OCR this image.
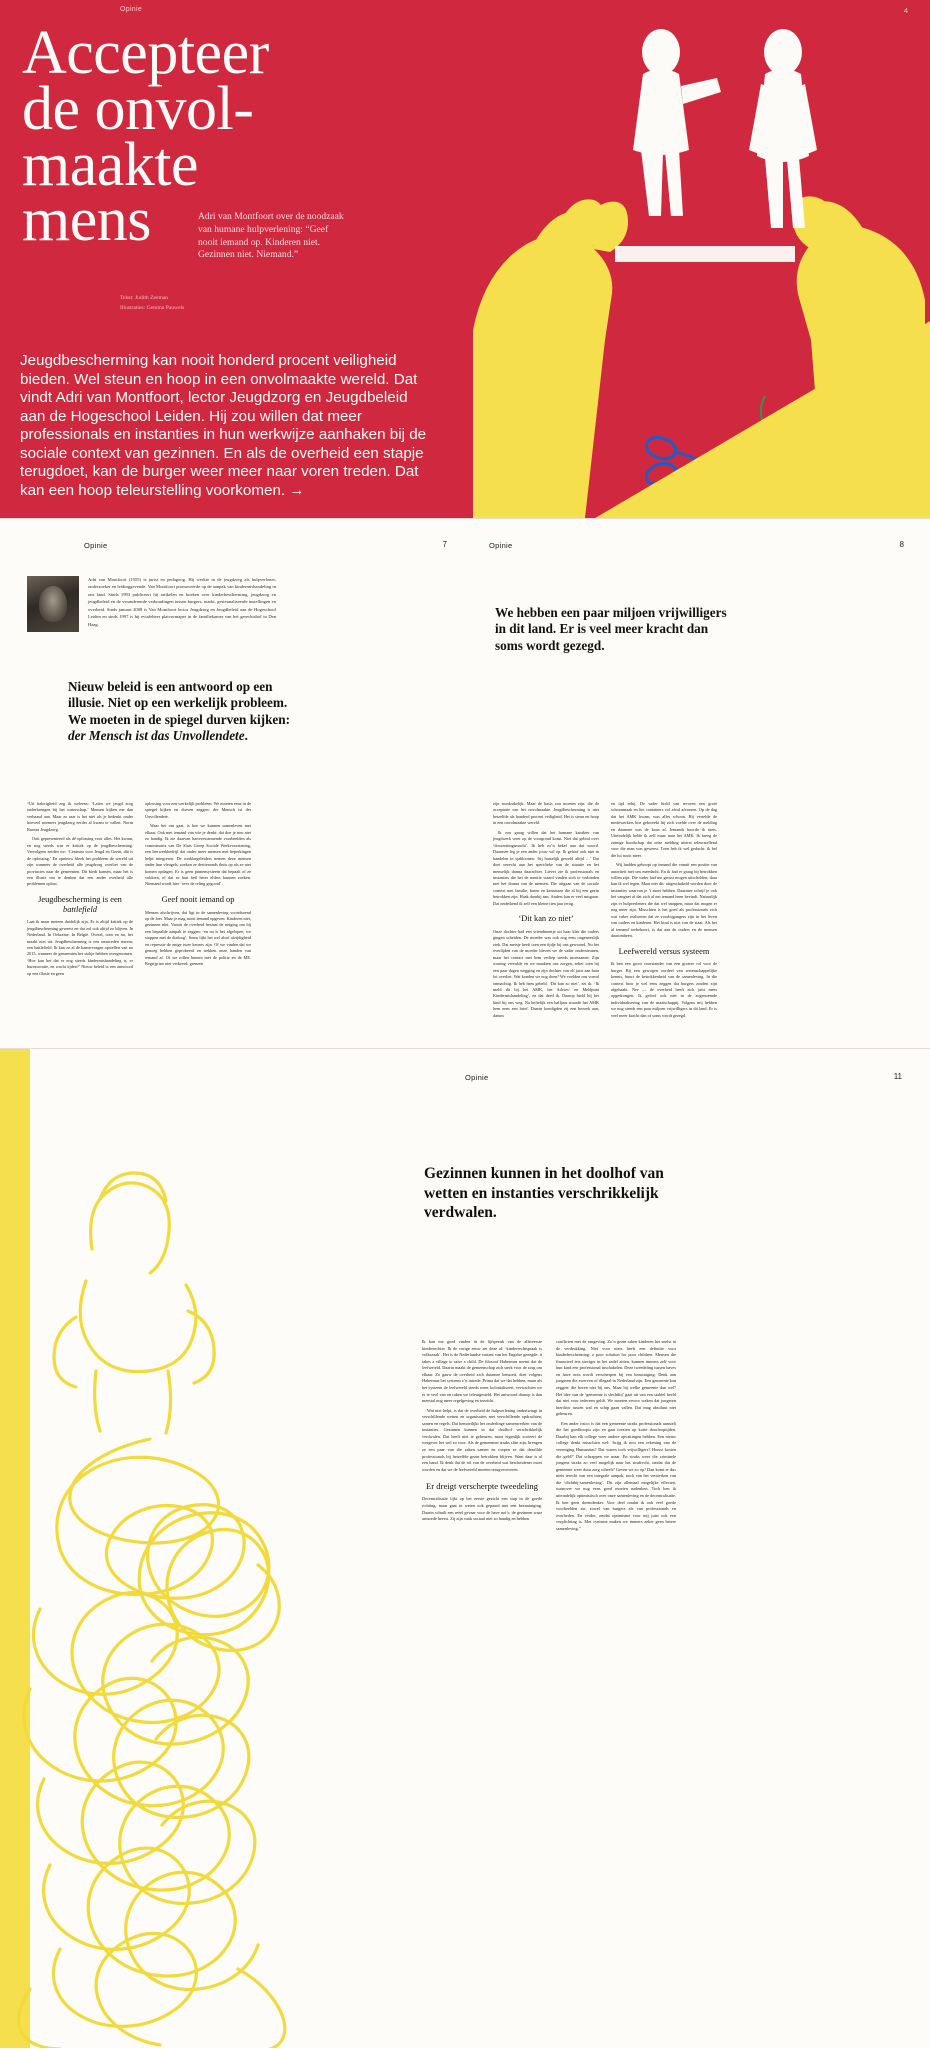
Opinie
Accepteer
de onvol-
maakte
mens	Adri van Montfoort over de noodzaak van humane hulpverlening: “Geef nooit iemand op. Kinderen niet. Gezinnen niet. Niemand.”

Tekst: Judith Zeeman
Illustraties: Gemma Pauwels

Jeugdbescherming kan nooit honderd procent veiligheid bieden. Wel steun en hoop in een onvolmaakte wereld. Dat vindt Adri van Montfoort, lector Jeugdzorg en Jeugdbeleid aan de Hogeschool Leiden. Hij zou willen dat meer professionals en instanties in hun werkwijze aanhaken bij de sociale context van gezinnen. En als de overheid een stapje terugdoet, kan de burger weer meer naar voren treden. Dat kan een hoop teleurstelling voorkomen. →

4
Opinie	7

Adri van Montfoort (1955) is jurist en pedagoog. Hij werkte in de jeugdzorg als hulpverlener, onderzoeker en leidinggevende. Van Montfoort promoveerde op de aanpak van kindermishandeling in ons land. Sinds 1993 publiceert hij artikelen en boeken over kinderbescherming, jeugdzorg en jeugdbeleid en de veranderende verhoudingen tussen burgers, markt, gesteunaliseerde instellingen en overheid. Sinds januari 2008 is Van Montfoort lector Jeugdzorg en Jeugdbeleid aan de Hogeschool Leiden en sinds 1997 is hij eviafeheer platvormaper in de familiekamer van het gerechtshof in Den Haag.

Nieuw beleid is een antwoord op een illusie. Niet op een werkelijk probleem. We moeten in de spiegel durven kijken: der Mensch ist das Unvollendete.

“Uit balorigheid zeg ik weleens: ‘Laten we jeugd zorg onderbrengen bij het waterschap.’ Mensen kijken me dan verbaasd aan. Maar zo raar is het niet als je bedenkt onder hoeveel noemers jeugdzorg eerder al kwam te vallen. Norm Bureau Jeugdzorg.

Ooit gepresenteerd als dé oplossing voor alles. Het kwam, en nog steeds was er kritiek op de jeugdbescherming. Vervolgens zeiden we: ‘Centrum voor Jeugd en Gezin, dát is de oplossing.’ En opnieuw bleek het probleem de wereld uit zijn wanneer de overheid alle jeugdzorg overliet van de provincies naar de gemeenten. Dit biedt kansen, maar het is een illusie om te denken dat een ander overheid alle problemen oplost.

Jeugdbescherming is een battlefield

Laat ik maar meteen duidelijk zijn. Er is altijd kritiek op de jeugdbescherming geweest en dat zal ook altijd zo blijven. In Nederland. In Oekraïne. In België. Overal, toen en nu, het maakt niet uit. Jeugdbescherming is een omstreden terrein; een battlefield. Ik kan zo al de kamervragen opstellen van nu 2015, wanneer de gemeenten het stokje hebben overgenomen. ‘Hoe kan het dat er nog steeds kindermishandeling is, er bureaucratie, en wacht tijden?’ Nieuw beleid is een antwoord op een illusie en geen

oplossing voor een werkelijk probleem. We moeten eens in de spiegel kijken en durven zeggen: der Mensch ist der Unvollendete.

Waar het om gaat, is hoe we kunnen samenleven met elkaar. Ook met iemand van wie je denkt: dat doe je nou niet zo handig. Ik zie daarvan hartverwarmende voorbeelden als commissaris van De Sluis Groep Sociale Werkvoorziening, een leerwerkbedrijf dat onder meer mensen met beperkingen helpt integreren. De werkbegeleiders nemen deze mensen onder hun vleugels, zoeken ze dertienonds thuis op als ze niet komen opdagen. Er is geen puntensysteem dat bepaalt of ze voldoen, of dat ze hun heil beter elders kunnen zoeken. Niemand wordt hier ‘over de reling gegooid’.

Geef nooit iemand op

Mensen afschrijven, dat ligt in de samenleving voortdurend op de loer. Maar je mag nooit iemand opgeven. Kinderen niet, gezinnen niet. Vanuit de overheid bestaat de neiging om bij een bepaalde aanpak te zeggen: ‘en nu is het afgelopen, we stoppen met de dialoog’. Soms lijkt het wel alsof afzijdigheid en repressie de enige twee keuzes zijn. Of we vinden dat we genoeg hebben geprobeerd en trekken onze handen van iemand af. Of we rollen binnen met de politie en de ME. Begrijp me niet verkeerd: grenzen

Opinie	8
We hebben een paar miljoen vrijwilligers in dit land. Er is veel meer kracht dan soms wordt gezegd.

zijn noodzakelijk. Maar de basis zou moeten zijn: die de acceptatie van het onvolmaakte. Jeugdbescherming is niet hetzelfde als honderd procent veiligheid. Het is steun en hoop in een onvolmaakte wereld.

Ik zou graag willen dat het humane karakter van jeugdwerk weer op de voorgrond komt. Niet dat gebral over ‘doorzettingsmacht’. Ik heb zo’n hekel aan dat woord. Daarmee leg je een ander jouw wil op. Ik geloof ook niet in handelen in sjabloonen: ‘bij huiselijk geweld altijd …’ Dat doet onrecht aan het specifieke van de situatie en het menselijk drama daarachter. Liever zie ik professionals en instanties die het de mentie waard vinden zich te verbinden met het drama van de mensen. Die uitgaan van de sociale context met familie, buren en kennissen die al bij een gezin betrokken zijn. Haak daarbij aan. Anders kan er veel misgaan. Dat onderkend ik zelf een kleine tien jaar terug.

‘Dit kan zo niet’

Onze dochter had een vriendinnetje uit haar klas die ouders gingen scheiden. De moeder was ook nog eens ongeneeslijk ziek. Dat meisje heeft toen een tijdje bij ons gewoond. Nu het overlijden van de moeder bleven we de vader ondersteunen, maar het contact met hem verliep steeds moeizamer. Zijn woning vervulde en we maakten ons zorgen, zeker toen hij een paar dagen wegging en zijn dochter van elf juist aan haar lot overliet. Wat konden we nog doen? We voelden ons voeral onmachtig. Ik heb hem gebeld. ‘Dit kan zo niet’, zei ik. ‘Ik meld dit bij het AMK, het Advies- en Meldpunt Kindermishandeling’, en dat deed ik. Daarop hield hij het kind bij ons weg. Na heftelijk een halfjaar stuurde het AMK hem eens een brief. Daarin kondigden zij een bezoek aan, datum

en tijd erbij. De vader hield van tevoren een grote schoonmaak en liet containers vol afval afvoeren. Op de dag dat het AMK kwam, was alles schoon. Hij vertelde de medewerkers hoe gekweekt hij zich voelde over de melding en daarmee was de kous af. Iemands hoorde ik niets. Uiteindelijk belde ik zelf maar naar het AMK. Ik kreeg de zuinige boodschap dat onze melding uiterst teleurstellend voor die man was geweest. Toen heb ik wel gedacht: ik bel die lui nooit meer.

Wij hadden gehoopt op iemand die vanuit een positie van autoriteit met ons meedacht. En ik had er graag bij betrokken willen zijn. Die vader had me gerust mogen uitschelden, daar kan ik wel tegen. Maar niet dit: uitgeschakeld worden door de instanties waarvan je ’t moet hebben. Daarmee schrijf je ook het vangnet af dat zich al om iemand heen bevindt. Natuurlijk zijn er hulpverleners die dat wel snappen, maar dat mogen er nog meer zijn. Misschien is het goed als professionals zich wat vaker realiseren dat ze voorbijgangers zijn in het leven van ouders en kinderen. Het kind is niet van de staat. Als het al iemand toebehoort, is dat aan de ouders en de mensen daaromheen.

Leefwereld versus systeem

Ik ben een groot voorstander van een grotere rol voor de burger. Bij een gewogen oordeel van wetenschappelijke kennis, buurt de betrokkenheid van de samenleving. In die context hoor je wel eens zeggen dat burgers zouden zijn afgehaakt. Nee — de overheid heeft zich juist meer opgedrongen. Ik geloof ook niet in de zogenoemde individualisering van de maatschappij. Volgens mij hebben we nog steeds een paar miljoen vrijwilligers in dit land. Er is veel meer kracht dan of soms wordt gezegd.

Opinie	11
Gezinnen kunnen in het doolhof van wetten en instanties verschrikkelijk verdwalen.

Ik kan me goed vinden in de lijfspreuk van de allereerste kinderrechter. Ik de vorige eeuw zei deze al: ‘kinderrechtspraak is volkszaak’. Het is de Nederlandse variant van het Engelse gezegde: it takes a village to raise a child. De filosoof Habermas noemt dat de leefwereld. Daarin maakt de gemeenschap zich sterk voor de zorg om elkaar. Zo gauw de overheid zich daarmee bemoeit, doet volgens Habermas het systeem z’n intrede. Prima dat we dat hebben, maar als het systeem de leefwereld steeds meer kolonialiseert, verwachten we er te veel van en raken we teleurgesteld. Het antwoord daarop is dan meestal nog meer regelgeving en toezicht.

Wat niet helpt, is dat de overheid de hulpverlening ondertwingt in verschillende wetten en organisaties met verschillende opdrachten, samen en regels. Dat bemoeilijkt het onderlinge samenwerken van de instanties. Gezinnen kunnen in dat doolhof verschrikkelijk verdwalen. Dat heeft niet te gebeuren, maar eigenlijk scoteert de wetgever het wel zo voor. Als de gemeenten straks slim zijn, brengen ze een paar van die zaken samen en roepen ze dat dezelfde professionals bij hetzelfde gezin betrokken blijven. Want daar is al een band. Ik denk dat de rol van de overheid wat bescheidener moet worden en dat we de leefwereld moeten terugveroveren.

Er dreigt verscherpte tweedeling

Decentralisatie lijkt op het eerste gezicht een stap in de goede richting, maar gaat in weten ook gepaard met een beznainiging. Daarin schuilt een reëel gevaar voor de have not’s; de gezinnen waar armoede heerst. Zij zijn vaak sociaal niet zo handig en hebben

conflicten met de omgeving. Zo’n gezin raken kinderen het snelst in de verdrukking. Niet voor niets heeft een definitie voor kinderbescherming: a poor solution for poor children. Mensen die financieel iets steviger in het zadel zitten, kunnen immers zelf voor hun kind een professional inschakelen. Deze tweedeling tussen haves en have nots wordt verscherpen bij een bezuiniging. Denk aan jongeren die zwerven of illegaal in Nederland zijn. Een gemeente kan zeggen: die horen niet bij ons. Maar bij welke gemeente dan wel? Het idee van de ‘gemeente is slechthij’ gaat uit van een stabiel beeld dat niet voor iedereen geldt. We moeten ervoor waken dat jongeren hierdoor tussen wal en schip gaan vallen. Dat mag absoluut niet gebeuren.

Een ander risico is dat een gemeente straks professionals aanstelt die het goedkoopst zijn en gaat toezien op korte doorlooptijden. Daarbij kan elk college weer andere opvattingen hebben. Een nieuw college denkt misschien wel: ‘krijg ik nou een rekening van de vereniging Humanitas? Dat waren toch vrijwilligers? Hoezo kosten die geld?’ Dat schrappen we maar. En straks weer die criminele jongens straks zo veel mogelijk naar het strafrecht, omdat dat de gemeente weer duur zorg scheelt? Geven we zo op? Dan komt er dus niets terecht van een integrale aanpak, noch van het versterken van die ‘dichtbij-samenleving’. Dit zijn allemaal mogelijke effecten, waarover we nog eens goed moeten nadenken. Toch ben ik uiteindelijk optimistisch over onze samenleving en de decentralisatie. Ik ben geen doemdenker. Voor deel omdat ik ook veel goede voorbeelden zie, zowel van burgers als van professionals en overheden. En verder, omdat optimisme voor mij juist ook een verplichting is. Met cynisme maken we immers zeker geen betere samenleving.”
